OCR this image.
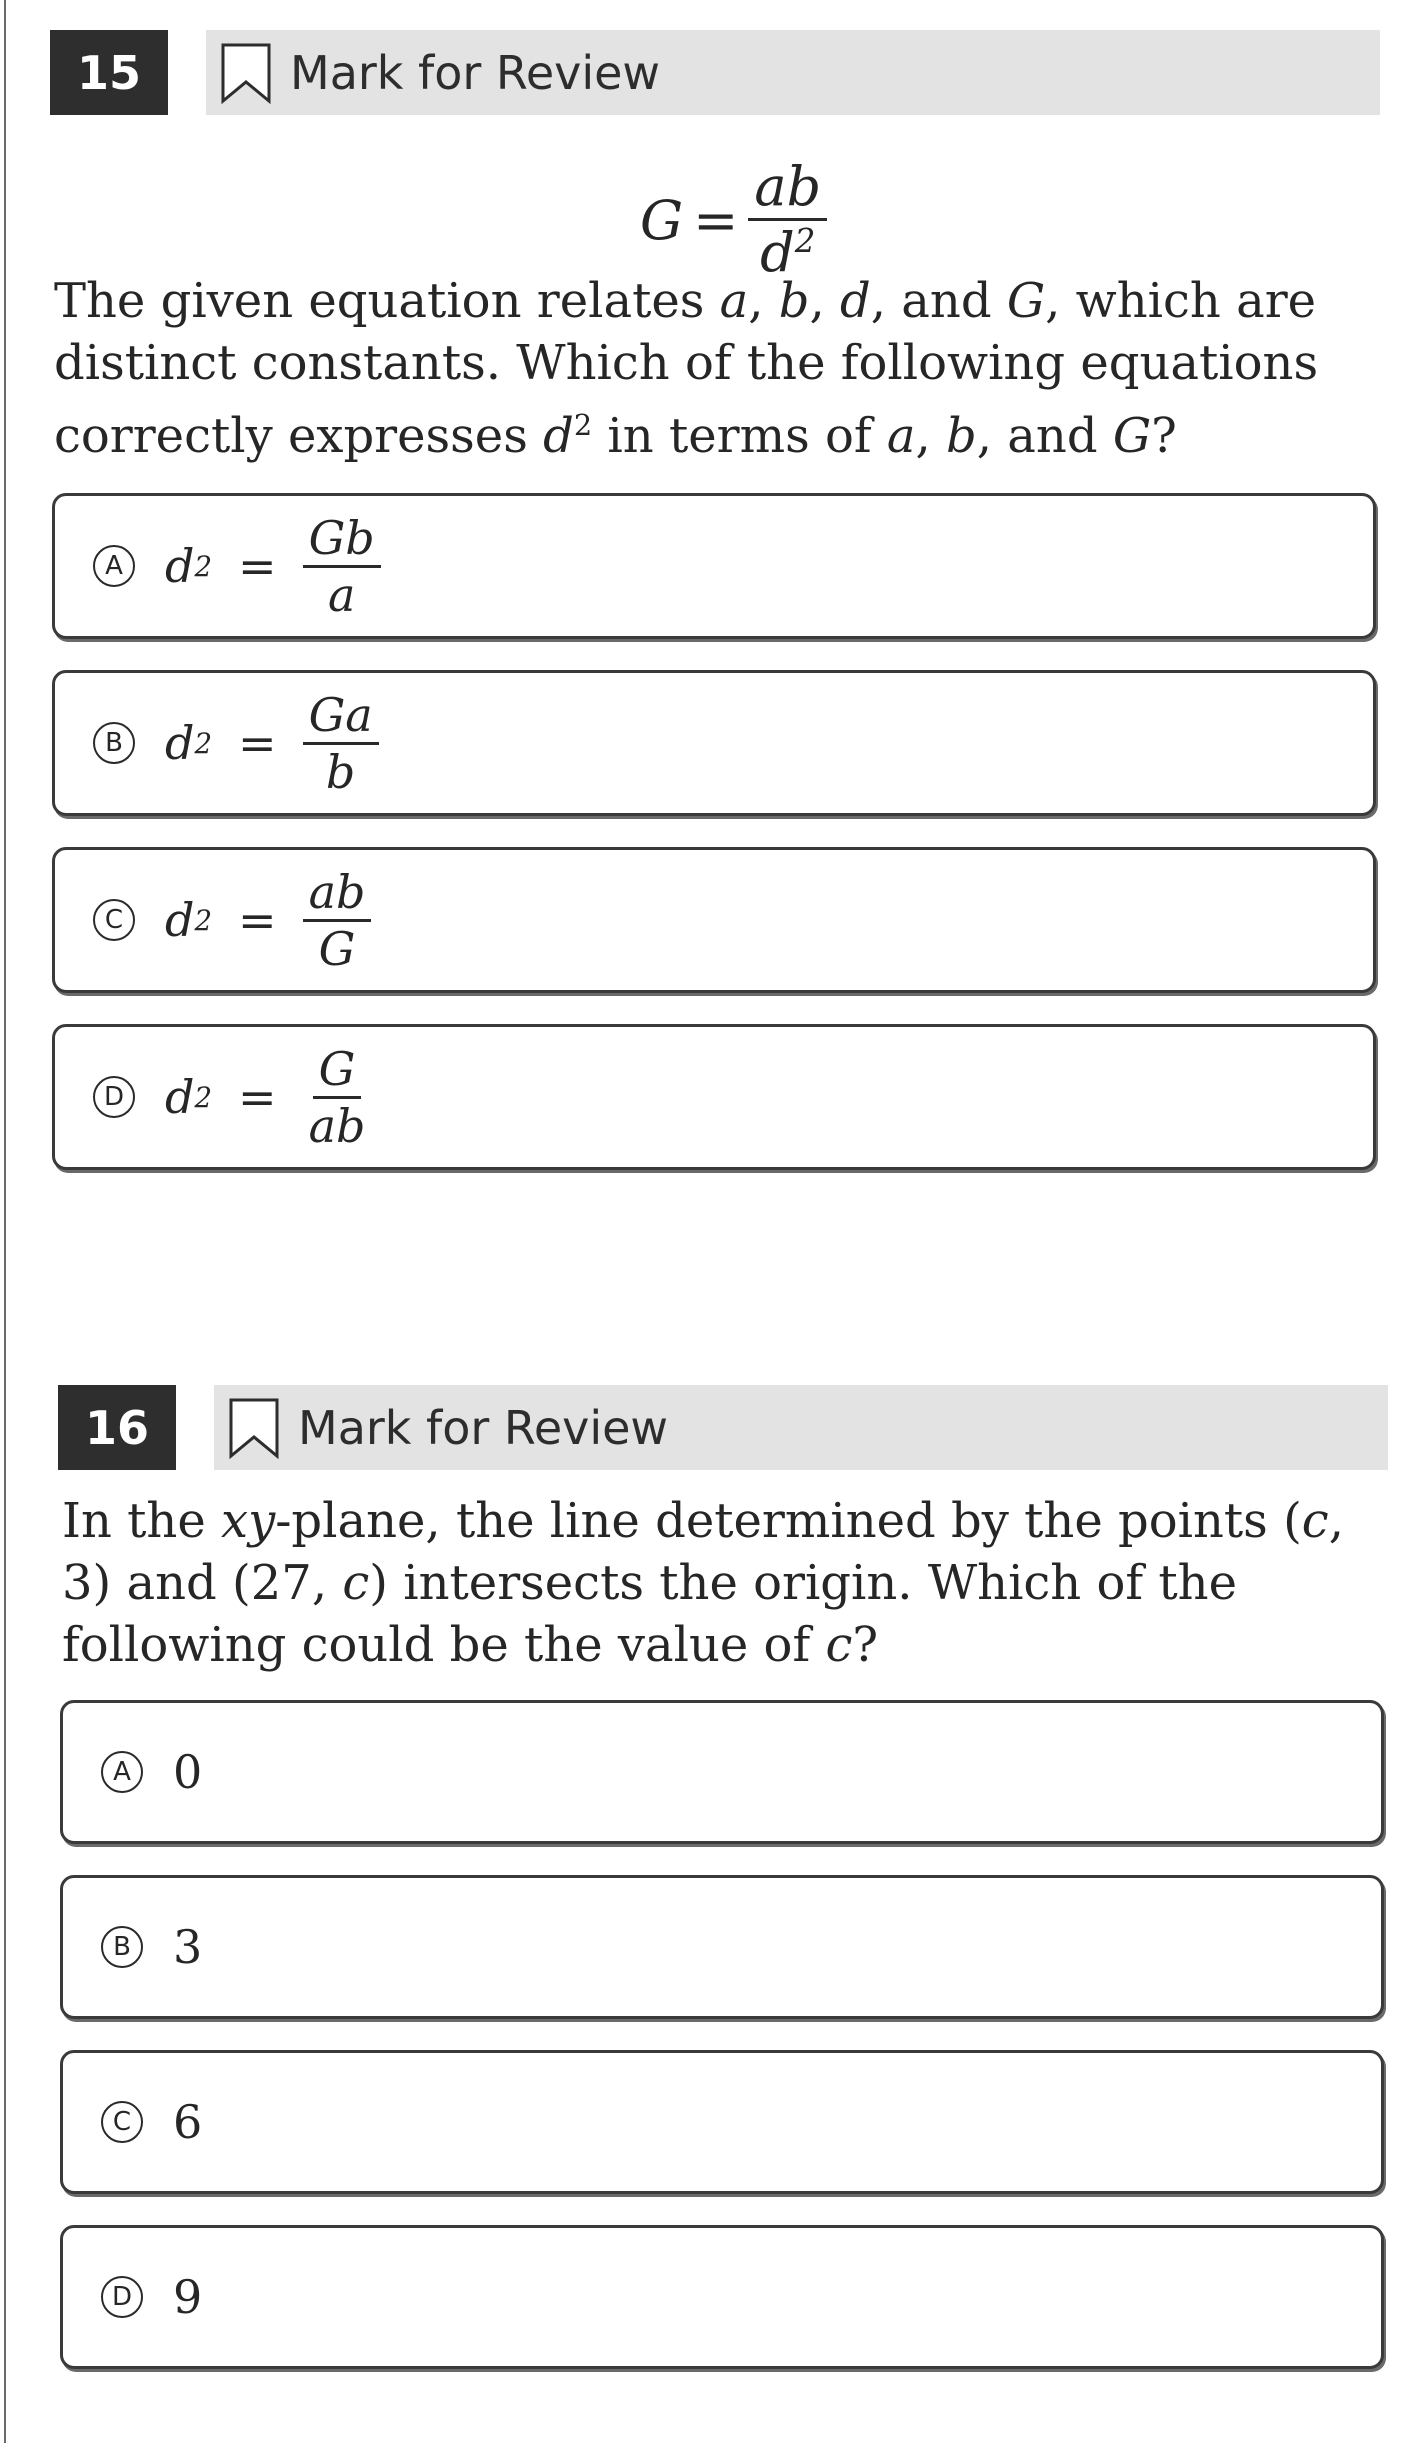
15	Mark for Review
$G = \frac{ab}{d^2}$
The given equation relates a, b, d, and G, which are distinct constants. Which of the following equations correctly expresses $d^2$ in terms of a, b, and G?
A d $2 = \frac{Gb}{a}$
B d $2 = \frac{Ga}{b}$
C d $2 = \frac{ab}{G}$
D d $2 = \frac{G}{ab}$
16	Mark for Review
In the xy-plane, the line determined by the points (c, 3) and (27, c) intersects the origin. Which of the following could be the value of c?
A 0
B 3
C 6
D 9
